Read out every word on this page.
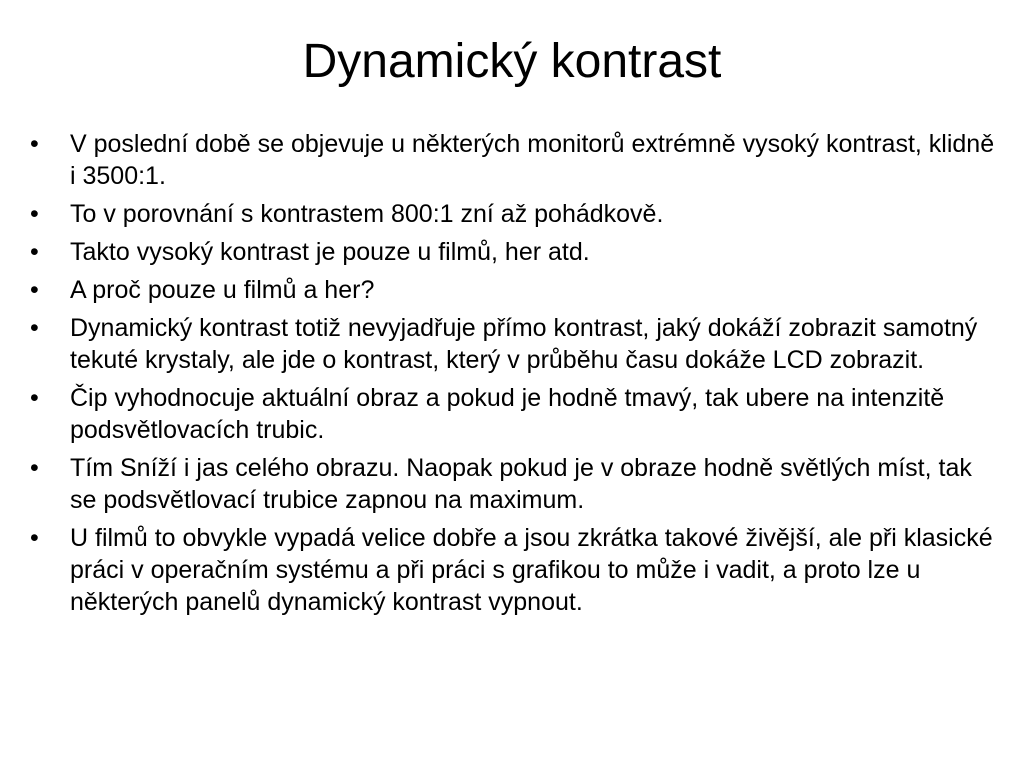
Dynamický kontrast
•	V poslední době se objevuje u některých monitorů extrémně vysoký kontrast, klidně i 3500:1.
•	To v porovnání s kontrastem 800:1 zní až pohádkově.
•	Takto vysoký kontrast je pouze u filmů, her atd.
•	A proč pouze u filmů a her?
•	Dynamický kontrast totiž nevyjadřuje přímo kontrast, jaký dokáží zobrazit samotný tekuté krystaly, ale jde o kontrast, který v průběhu času dokáže LCD zobrazit.
•	Čip vyhodnocuje aktuální obraz a pokud je hodně tmavý, tak ubere na intenzitě podsvětlovacích trubic.
•	Tím Sníží i jas celého obrazu. Naopak pokud je v obraze hodně světlých míst, tak se podsvětlovací trubice zapnou na maximum.
•	U filmů to obvykle vypadá velice dobře a jsou zkrátka takové živější, ale při klasické práci v operačním systému a při práci s grafikou to může i vadit, a proto lze u některých panelů dynamický kontrast vypnout.
